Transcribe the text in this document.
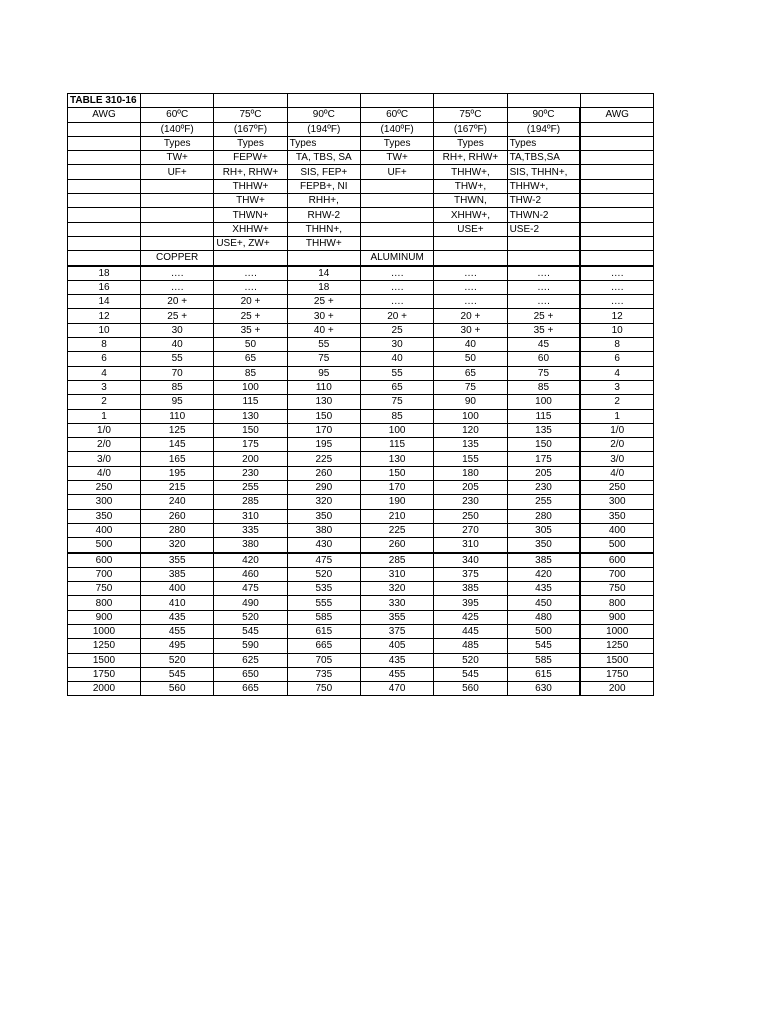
TABLE 310-16							
AWG	60ºC	75ºC	90ºC	60ºC	75ºC	90ºC	AWG
	(140ºF)	(167ºF)	(194ºF)	(140ºF)	(167ºF)	(194ºF)	
	Types	Types	Types	Types	Types	Types	
	TW+	FEPW+	TA, TBS, SA	TW+	RH+, RHW+	TA,TBS,SA	
	UF+	RH+, RHW+	SIS, FEP+	UF+	THHW+,	SIS, THHN+,	
		THHW+	FEPB+, NI		THW+,	THHW+,	
		THW+	RHH+,		THWN,	THW-2	
		THWN+	RHW-2		XHHW+,	THWN-2	
		XHHW+	THHN+,		USE+	USE-2	
		USE+, ZW+	THHW+				
	COPPER			ALUMINUM			
18	….	….	14	….	….	….	….
16	….	….	18	….	….	….	….
14	20 +	20 +	25 +	….	….	….	….
12	25 +	25 +	30 +	20 +	20 +	25 +	12
10	30	35 +	40 +	25	30 +	35 +	10
8	40	50	55	30	40	45	8
6	55	65	75	40	50	60	6
4	70	85	95	55	65	75	4
3	85	100	110	65	75	85	3
2	95	115	130	75	90	100	2
1	110	130	150	85	100	115	1
1/0	125	150	170	100	120	135	1/0
2/0	145	175	195	115	135	150	2/0
3/0	165	200	225	130	155	175	3/0
4/0	195	230	260	150	180	205	4/0
250	215	255	290	170	205	230	250
300	240	285	320	190	230	255	300
350	260	310	350	210	250	280	350
400	280	335	380	225	270	305	400
500	320	380	430	260	310	350	500
600	355	420	475	285	340	385	600
700	385	460	520	310	375	420	700
750	400	475	535	320	385	435	750
800	410	490	555	330	395	450	800
900	435	520	585	355	425	480	900
1000	455	545	615	375	445	500	1000
1250	495	590	665	405	485	545	1250
1500	520	625	705	435	520	585	1500
1750	545	650	735	455	545	615	1750
2000	560	665	750	470	560	630	200
